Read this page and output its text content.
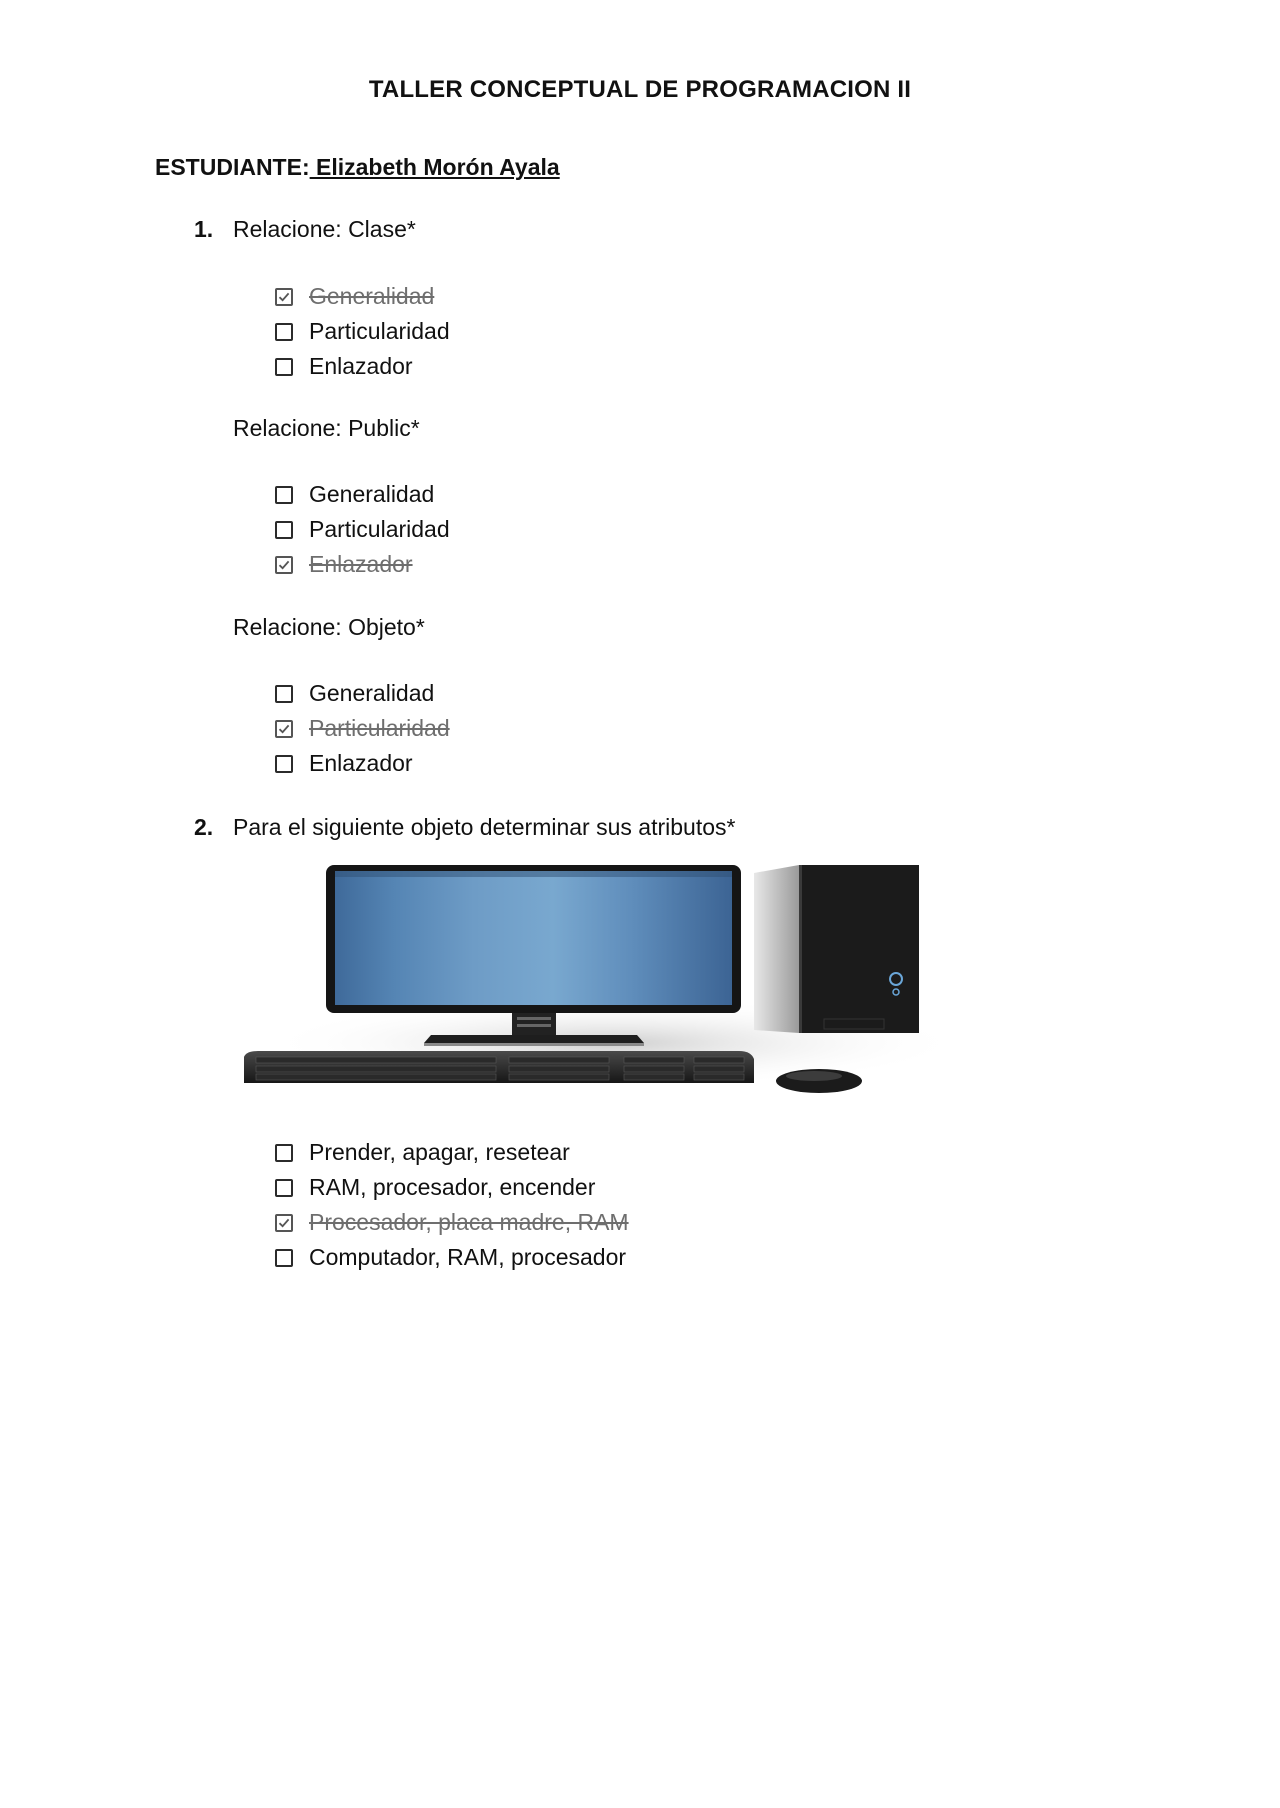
TALLER CONCEPTUAL DE PROGRAMACION II
ESTUDIANTE: Elizabeth Morón Ayala
1. Relacione: Clase*
Generalidad
Particularidad
Enlazador
Relacione: Public*
Generalidad
Particularidad
Enlazador
Relacione: Objeto*
Generalidad
Particularidad
Enlazador
2. Para el siguiente objeto determinar sus atributos*
Prender, apagar, resetear
RAM, procesador, encender
Procesador, placa madre, RAM
Computador, RAM, procesador
